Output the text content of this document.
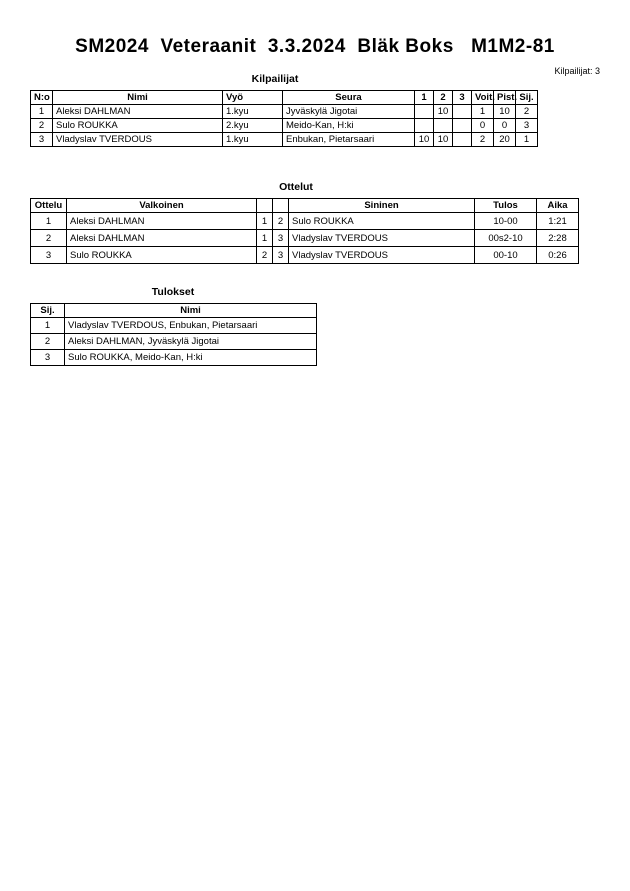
SM2024  Veteraanit  3.3.2024  Bläk Boks   M1M2-81
Kilpailijat: 3
Kilpailijat
N:o	Nimi	Vyö	Seura	1	2	3	Voit.	Pist.	Sij.
1	Aleksi DAHLMAN	1.kyu	Jyväskylä Jigotai		10		1	10	2
2	Sulo ROUKKA	2.kyu	Meido-Kan, H:ki				0	0	3
3	Vladyslav TVERDOUS	1.kyu	Enbukan, Pietarsaari	10	10		2	20	1
Ottelut
Ottelu	Valkoinen			Sininen	Tulos	Aika
1	Aleksi DAHLMAN	1	2	Sulo ROUKKA	10-00	1:21
2	Aleksi DAHLMAN	1	3	Vladyslav TVERDOUS	00s2-10	2:28
3	Sulo ROUKKA	2	3	Vladyslav TVERDOUS	00-10	0:26
Tulokset
Sij.	Nimi
1	Vladyslav TVERDOUS, Enbukan, Pietarsaari
2	Aleksi DAHLMAN, Jyväskylä Jigotai
3	Sulo ROUKKA, Meido-Kan, H:ki
